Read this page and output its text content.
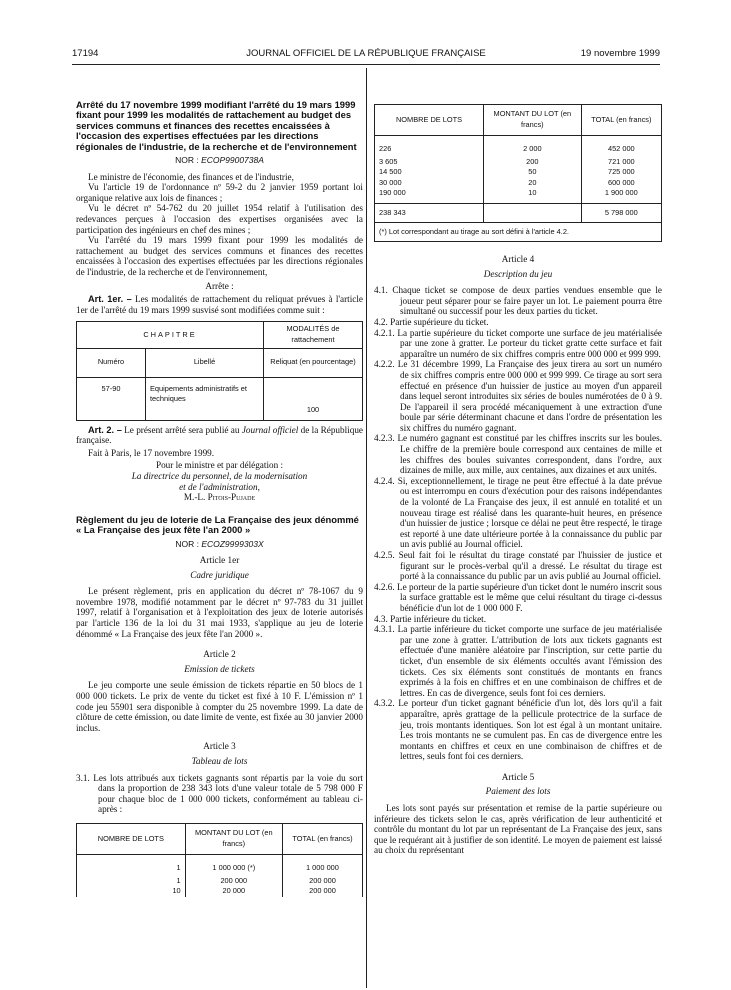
17194	JOURNAL OFFICIEL DE LA RÉPUBLIQUE FRANÇAISE	19 novembre 1999

Arrêté du 17 novembre 1999 modifiant l'arrêté du 19 mars 1999 fixant pour 1999 les modalités de rattachement au budget des services communs et finances des recettes encaissées à l'occasion des expertises effectuées par les directions régionales de l'industrie, de la recherche et de l'environnement

NOR : ECOP9900738A

Le ministre de l'économie, des finances et de l'industrie,

Vu l'article 19 de l'ordonnance nº 59-2 du 2 janvier 1959 portant loi organique relative aux lois de finances ;

Vu le décret nº 54-762 du 20 juillet 1954 relatif à l'utilisation des redevances perçues à l'occasion des expertises organisées avec la participation des ingénieurs en chef des mines ;

Vu l'arrêté du 19 mars 1999 fixant pour 1999 les modalités de rattachement au budget des services communs et finances des recettes encaissées à l'occasion des expertises effectuées par les directions régionales de l'industrie, de la recherche et de l'environnement,

Arrête :

Art. 1er. – Les modalités de rattachement du reliquat prévues à l'article 1er de l'arrêté du 19 mars 1999 susvisé sont modifiées comme suit :

CHAPITRE		MODALITÉS de rattachement
Numéro	Libellé	Reliquat (en pourcentage)
57-90	Equipements administratifs et techniques	100

Art. 2. – Le présent arrêté sera publié au Journal officiel de la République française.

Fait à Paris, le 17 novembre 1999.

Pour le ministre et par délégation :

La directrice du personnel, de la modernisation

et de l'administration,

M.-L. Pitois-Pujade

Règlement du jeu de loterie de La Française des jeux dénommé « La Française des jeux fête l'an 2000 »

NOR : ECOZ9999303X

Article 1er

Cadre juridique

Le présent règlement, pris en application du décret nº 78-1067 du 9 novembre 1978, modifié notamment par le décret nº 97-783 du 31 juillet 1997, relatif à l'organisation et à l'exploitation des jeux de loterie autorisés par l'article 136 de la loi du 31 mai 1933, s'applique au jeu de loterie dénommé « La Française des jeux fête l'an 2000 ».

Article 2

Emission de tickets

Le jeu comporte une seule émission de tickets répartie en 50 blocs de 1 000 000 tickets. Le prix de vente du ticket est fixé à 10 F. L'émission nº 1 code jeu 55901 sera disponible à compter du 25 novembre 1999. La date de clôture de cette émission, ou date limite de vente, est fixée au 30 janvier 2000 inclus.

Article 3

Tableau de lots

3.1. Les lots attribués aux tickets gagnants sont répartis par la voie du sort dans la proportion de 238 343 lots d'une valeur totale de 5 798 000 F pour chaque bloc de 1 000 000 tickets, conformément au tableau ci-après :

NOMBRE DE LOTS	MONTANT DU LOT (en francs)	TOTAL (en francs)
1	1 000 000 (*)	1 000 000
1	200 000	200 000
10	20 000	200 000
NOMBRE DE LOTS	MONTANT DU LOT (en francs)	TOTAL (en francs)
226	2 000	452 000
3 605	200	721 000
14 500	50	725 000
30 000	20	600 000
190 000	10	1 900 000
238 343		5 798 000
(*) Lot correspondant au tirage au sort défini à l'article 4.2.		

Article 4

Description du jeu

4.1. Chaque ticket se compose de deux parties vendues ensemble que le joueur peut séparer pour se faire payer un lot. Le paiement pourra être simultané ou successif pour les deux parties du ticket.

4.2. Partie supérieure du ticket.

4.2.1. La partie supérieure du ticket comporte une surface de jeu matérialisée par une zone à gratter. Le porteur du ticket gratte cette surface et fait apparaître un numéro de six chiffres compris entre 000 000 et 999 999.

4.2.2. Le 31 décembre 1999, La Française des jeux tirera au sort un numéro de six chiffres compris entre 000 000 et 999 999. Ce tirage au sort sera effectué en présence d'un huissier de justice au moyen d'un appareil dans lequel seront introduites six séries de boules numérotées de 0 à 9. De l'appareil il sera procédé mécaniquement à une extraction d'une boule par série déterminant chacune et dans l'ordre de présentation les six chiffres du numéro gagnant.

4.2.3. Le numéro gagnant est constitué par les chiffres inscrits sur les boules. Le chiffre de la première boule correspond aux centaines de mille et les chiffres des boules suivantes correspondent, dans l'ordre, aux dizaines de mille, aux mille, aux centaines, aux dizaines et aux unités.

4.2.4. Si, exceptionnellement, le tirage ne peut être effectué à la date prévue ou est interrompu en cours d'exécution pour des raisons indépendantes de la volonté de La Française des jeux, il est annulé en totalité et un nouveau tirage est réalisé dans les quarante-huit heures, en présence d'un huissier de justice ; lorsque ce délai ne peut être respecté, le tirage est reporté à une date ultérieure portée à la connaissance du public par un avis publié au Journal officiel.

4.2.5. Seul fait foi le résultat du tirage constaté par l'huissier de justice et figurant sur le procès-verbal qu'il a dressé. Le résultat du tirage est porté à la connaissance du public par un avis publié au Journal officiel.

4.2.6. Le porteur de la partie supérieure d'un ticket dont le numéro inscrit sous la surface grattable est le même que celui résultant du tirage ci-dessus bénéficie d'un lot de 1 000 000 F.

4.3. Partie inférieure du ticket.

4.3.1. La partie inférieure du ticket comporte une surface de jeu matérialisée par une zone à gratter. L'attribution de lots aux tickets gagnants est effectuée d'une manière aléatoire par l'inscription, sur cette partie du ticket, d'un ensemble de six éléments occultés avant l'émission des tickets. Ces six éléments sont constitués de montants en francs exprimés à la fois en chiffres et en une combinaison de chiffres et de lettres. En cas de divergence, seuls font foi ces derniers.

4.3.2. Le porteur d'un ticket gagnant bénéficie d'un lot, dès lors qu'il a fait apparaître, après grattage de la pellicule protectrice de la surface de jeu, trois montants identiques. Son lot est égal à un montant unitaire. Les trois montants ne se cumulent pas. En cas de divergence entre les montants en chiffres et ceux en une combinaison de chiffres et de lettres, seuls font foi ces derniers.

Article 5

Paiement des lots

Les lots sont payés sur présentation et remise de la partie supérieure ou inférieure des tickets selon le cas, après vérification de leur authenticité et contrôle du montant du lot par un représentant de La Française des jeux, sans que le requérant ait à justifier de son identité. Le moyen de paiement est laissé au choix du représentant
